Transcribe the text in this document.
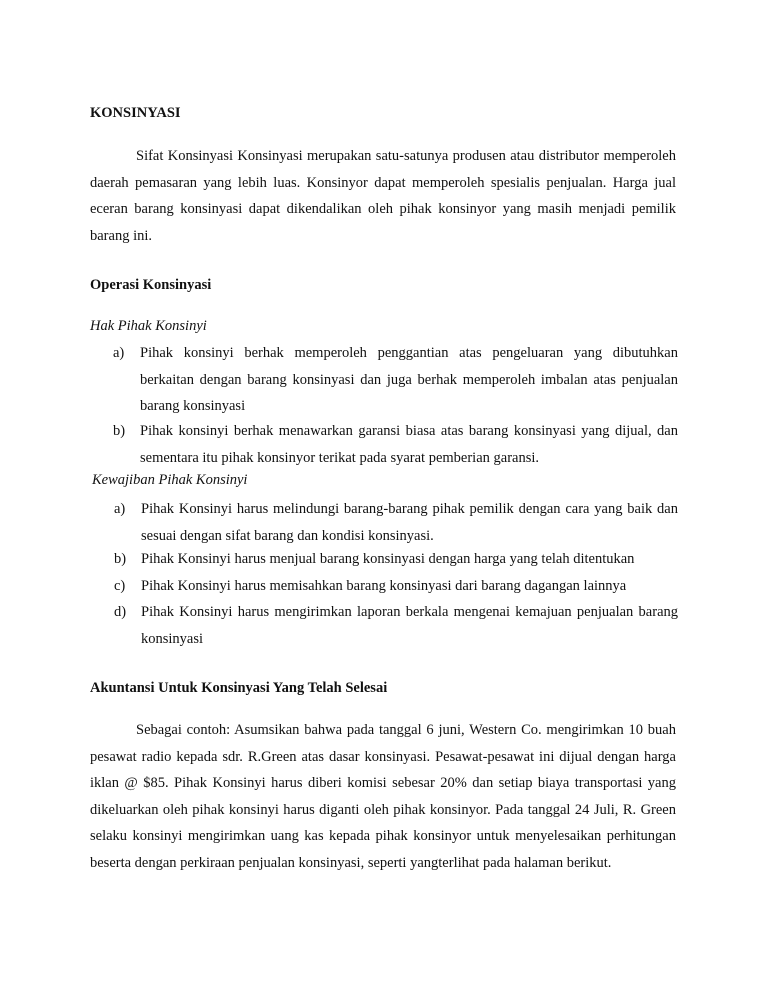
KONSINYASI

Sifat Konsinyasi Konsinyasi merupakan satu-satunya produsen atau distributor memperoleh daerah pemasaran yang lebih luas. Konsinyor dapat memperoleh spesialis penjualan. Harga jual eceran barang konsinyasi dapat dikendalikan oleh pihak konsinyor yang masih menjadi pemilik barang ini.

Operasi Konsinyasi
Hak Pihak Konsinyi
a) Pihak konsinyi berhak memperoleh penggantian atas pengeluaran yang dibutuhkan berkaitan dengan barang konsinyasi dan juga berhak memperoleh imbalan atas penjualan barang konsinyasi
b) Pihak konsinyi berhak menawarkan garansi biasa atas barang konsinyasi yang dijual, dan sementara itu pihak konsinyor terikat pada syarat pemberian garansi.
Kewajiban Pihak Konsinyi
a) Pihak Konsinyi harus melindungi barang-barang pihak pemilik dengan cara yang baik dan sesuai dengan sifat barang dan kondisi konsinyasi.
b) Pihak Konsinyi harus menjual barang konsinyasi dengan harga yang telah ditentukan
c) Pihak Konsinyi harus memisahkan barang konsinyasi dari barang dagangan lainnya
d) Pihak Konsinyi harus mengirimkan laporan berkala mengenai kemajuan penjualan barang konsinyasi
Akuntansi Untuk Konsinyasi Yang Telah Selesai

Sebagai contoh: Asumsikan bahwa pada tanggal 6 juni, Western Co. mengirimkan 10 buah pesawat radio kepada sdr. R.Green atas dasar konsinyasi. Pesawat-pesawat ini dijual dengan harga iklan @ $85. Pihak Konsinyi harus diberi komisi sebesar 20% dan setiap biaya transportasi yang dikeluarkan oleh pihak konsinyi harus diganti oleh pihak konsinyor. Pada tanggal 24 Juli, R. Green selaku konsinyi mengirimkan uang kas kepada pihak konsinyor untuk menyelesaikan perhitungan beserta dengan perkiraan penjualan konsinyasi, seperti yangterlihat pada halaman berikut.
